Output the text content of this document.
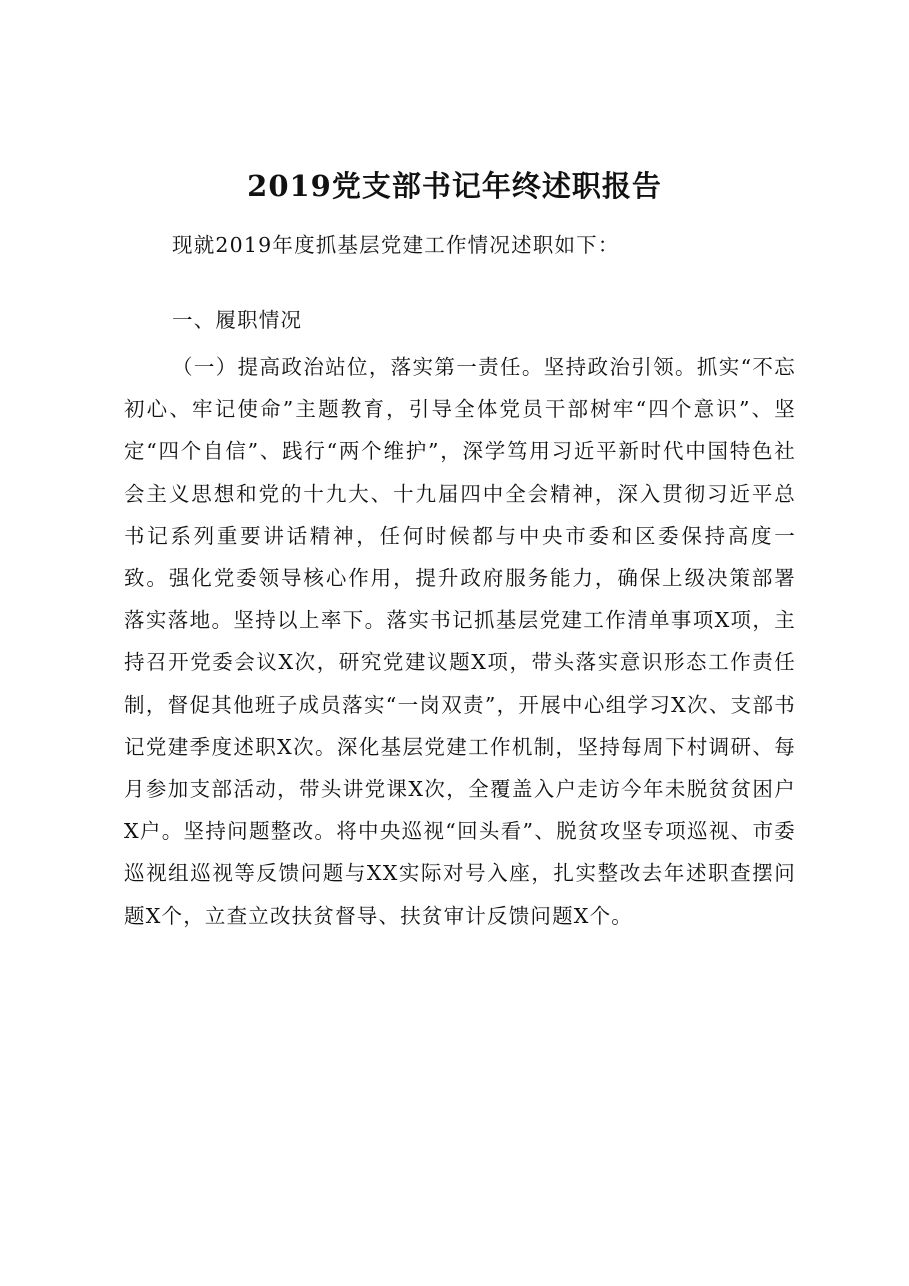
2019党支部书记年终述职报告

现就2019年度抓基层党建工作情况述职如下：

一、履职情况

（一）提高政治站位，落实第一责任。坚持政治引领。抓实“不忘初心、牢记使命”主题教育，引导全体党员干部树牢“四个意识”、坚定“四个自信”、践行“两个维护”，深学笃用习近平新时代中国特色社会主义思想和党的十九大、十九届四中全会精神，深入贯彻习近平总书记系列重要讲话精神，任何时候都与中央市委和区委保持高度一致。强化党委领导核心作用，提升政府服务能力，确保上级决策部署落实落地。坚持以上率下。落实书记抓基层党建工作清单事项X项，主持召开党委会议X次，研究党建议题X项，带头落实意识形态工作责任制，督促其他班子成员落实“一岗双责”，开展中心组学习X次、支部书记党建季度述职X次。深化基层党建工作机制，坚持每周下村调研、每月参加支部活动，带头讲党课X次，全覆盖入户走访今年未脱贫贫困户X户。坚持问题整改。将中央巡视“回头看”、脱贫攻坚专项巡视、市委巡视组巡视等反馈问题与XX实际对号入座，扎实整改去年述职查摆问题X个，立查立改扶贫督导、扶贫审计反馈问题X个。
